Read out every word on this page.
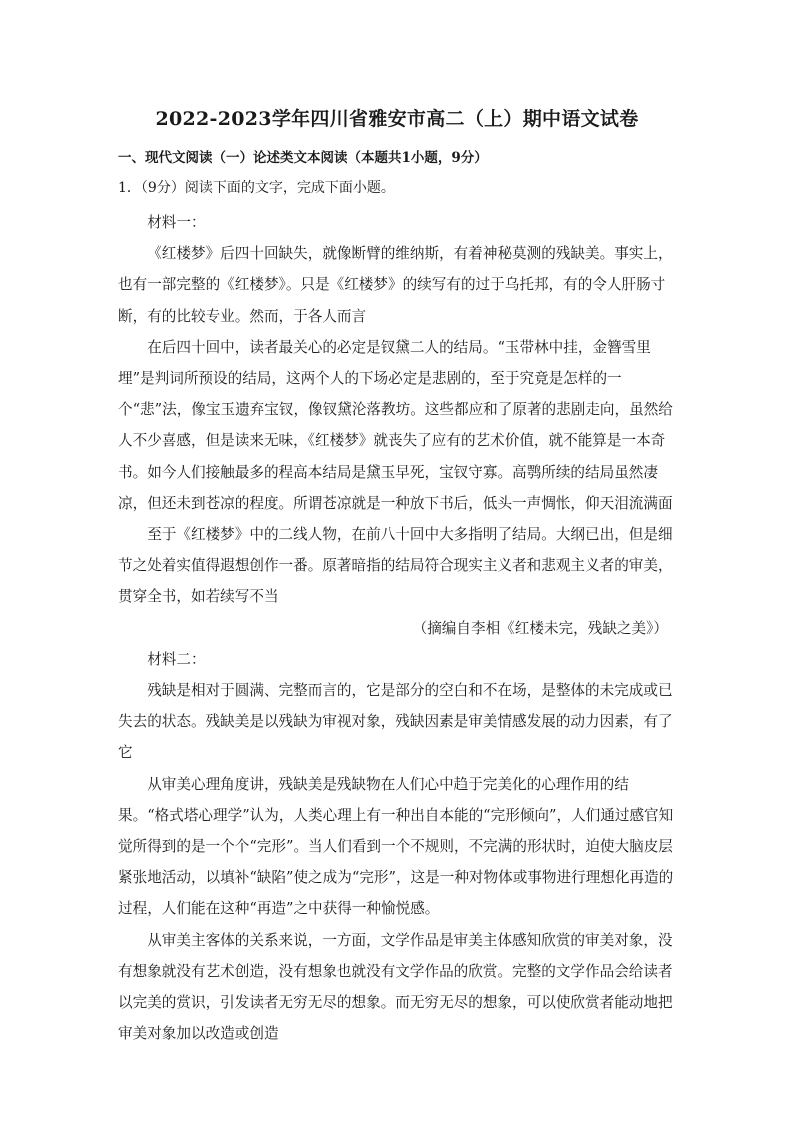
2022-2023学年四川省雅安市高二（上）期中语文试卷
一、现代文阅读（一）论述类文本阅读（本题共1小题，9分）
1．（9分）阅读下面的文字，完成下面小题。

材料一：

《红楼梦》后四十回缺失，就像断臂的维纳斯，有着神秘莫测的残缺美。事实上，也有一部完整的《红楼梦》。只是《红楼梦》的续写有的过于乌托邦，有的令人肝肠寸断，有的比较专业。然而，于各人而言

在后四十回中，读者最关心的必定是钗黛二人的结局。“玉带林中挂，金簪雪里埋”是判词所预设的结局，这两个人的下场必定是悲剧的，至于究竟是怎样的一个“悲”法，像宝玉遗弃宝钗，像钗黛沦落教坊。这些都应和了原著的悲剧走向，虽然给人不少喜感，但是读来无味，《红楼梦》就丧失了应有的艺术价值，就不能算是一本奇书。如今人们接触最多的程高本结局是黛玉早死，宝钗守寡。高鹗所续的结局虽然凄凉，但还未到苍凉的程度。所谓苍凉就是一种放下书后，低头一声惆怅，仰天泪流满面

至于《红楼梦》中的二线人物，在前八十回中大多指明了结局。大纲已出，但是细节之处着实值得遐想创作一番。原著暗指的结局符合现实主义者和悲观主义者的审美，贯穿全书，如若续写不当

（摘编自李相《红楼未完，残缺之美》）

材料二：

残缺是相对于圆满、完整而言的，它是部分的空白和不在场，是整体的未完成或已失去的状态。残缺美是以残缺为审视对象，残缺因素是审美情感发展的动力因素，有了它

从审美心理角度讲，残缺美是残缺物在人们心中趋于完美化的心理作用的结果。“格式塔心理学”认为，人类心理上有一种出自本能的“完形倾向”，人们通过感官知觉所得到的是一个个“完形”。当人们看到一个不规则，不完满的形状时，迫使大脑皮层紧张地活动，以填补“缺陷”使之成为“完形”，这是一种对物体或事物进行理想化再造的过程，人们能在这种“再造”之中获得一种愉悦感。

从审美主客体的关系来说，一方面，文学作品是审美主体感知欣赏的审美对象，没有想象就没有艺术创造，没有想象也就没有文学作品的欣赏。完整的文学作品会给读者以完美的赏识，引发读者无穷无尽的想象。而无穷无尽的想象，可以使欣赏者能动地把审美对象加以改造或创造
